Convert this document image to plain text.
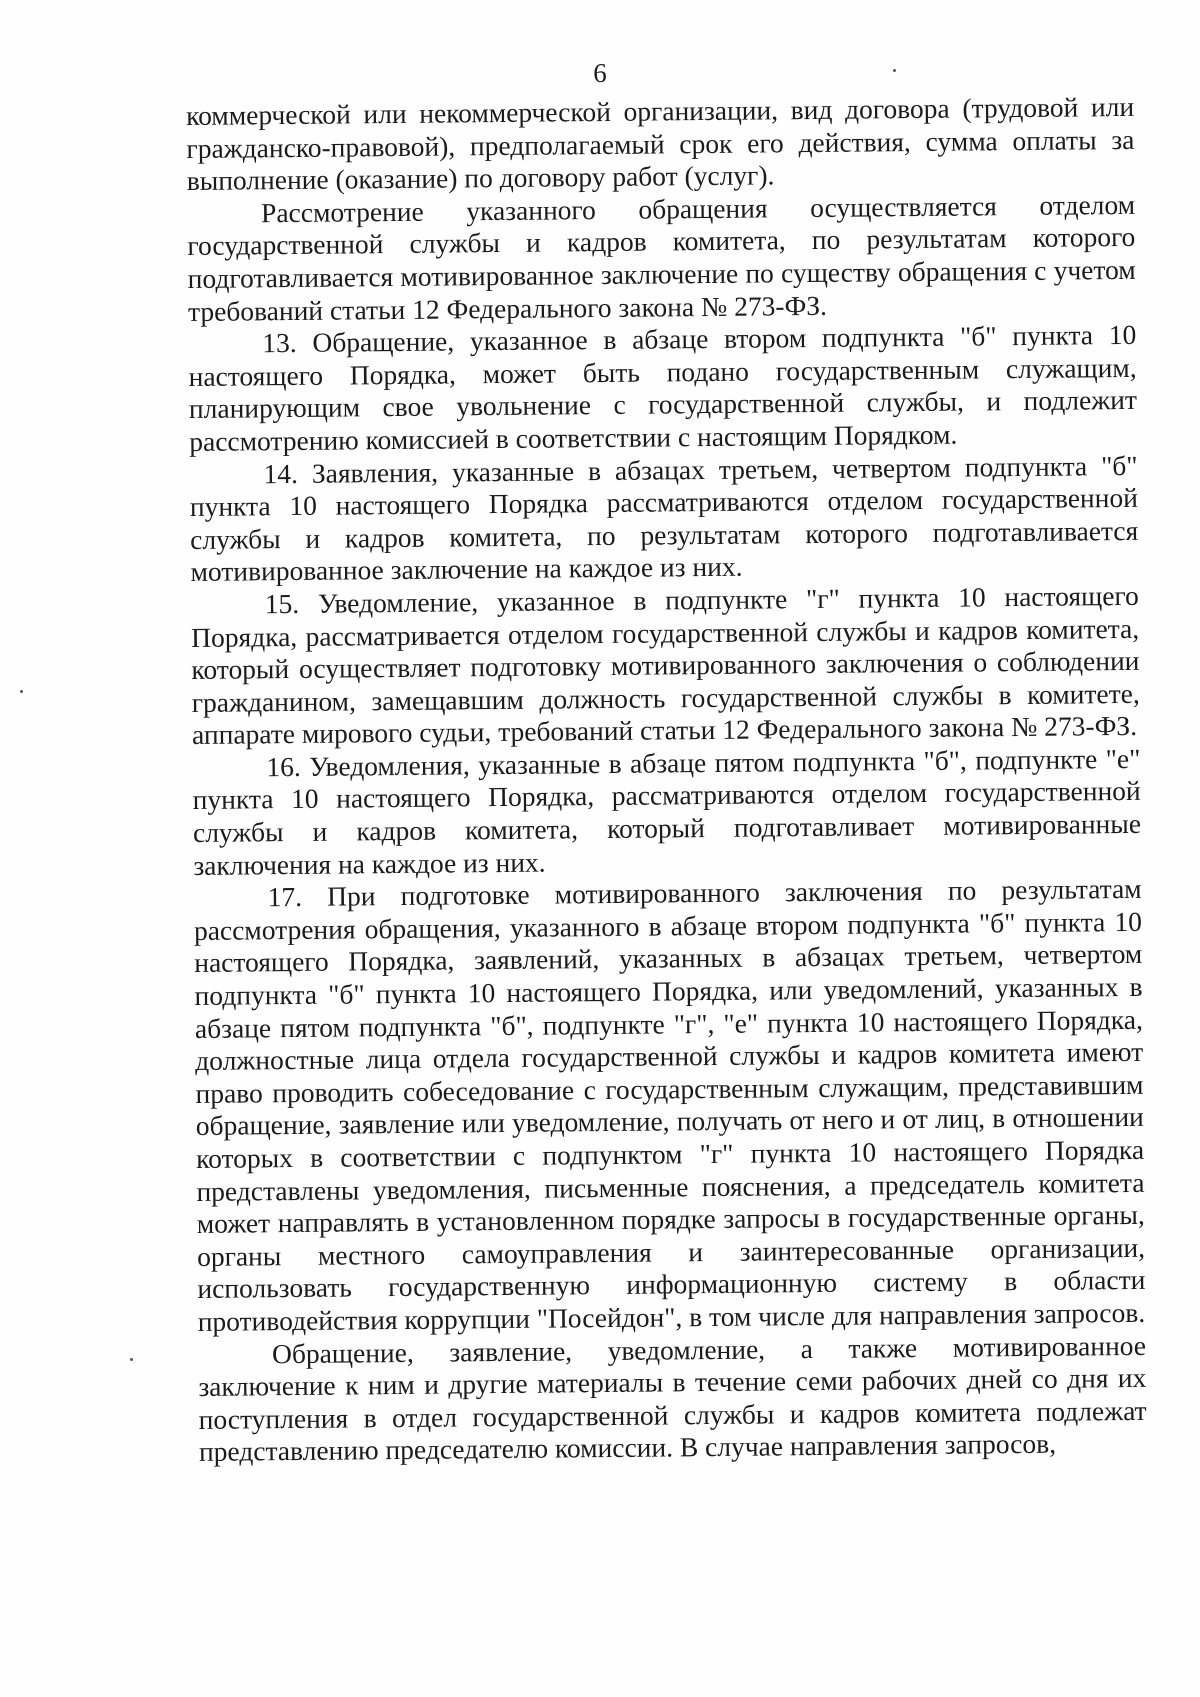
6

коммерческой или некоммерческой организации, вид договора (трудовой или гражданско-правовой), предполагаемый срок его действия, сумма оплаты за выполнение (оказание) по договору работ (услуг).

Рассмотрение указанного обращения осуществляется отделом государственной службы и кадров комитета, по результатам которого подготавливается мотивированное заключение по существу обращения с учетом требований статьи 12 Федерального закона № 273-ФЗ.

13. Обращение, указанное в абзаце втором подпункта "б" пункта 10 настоящего Порядка, может быть подано государственным служащим, планирующим свое увольнение с государственной службы, и подлежит рассмотрению комиссией в соответствии с настоящим Порядком.

14. Заявления, указанные в абзацах третьем, четвертом подпункта "б" пункта 10 настоящего Порядка рассматриваются отделом государственной службы и кадров комитета, по результатам которого подготавливается мотивированное заключение на каждое из них.

15. Уведомление, указанное в подпункте "г" пункта 10 настоящего Порядка, рассматривается отделом государственной службы и кадров комитета, который осуществляет подготовку мотивированного заключения о соблюдении гражданином, замещавшим должность государственной службы в комитете, аппарате мирового судьи, требований статьи 12 Федерального закона № 273-ФЗ.

16. Уведомления, указанные в абзаце пятом подпункта "б", подпункте "е" пункта 10 настоящего Порядка, рассматриваются отделом государственной службы и кадров комитета, который подготавливает мотивированные заключения на каждое из них.

17. При подготовке мотивированного заключения по результатам рассмотрения обращения, указанного в абзаце втором подпункта "б" пункта 10 настоящего Порядка, заявлений, указанных в абзацах третьем, четвертом подпункта "б" пункта 10 настоящего Порядка, или уведомлений, указанных в абзаце пятом подпункта "б", подпункте "г", "е" пункта 10 настоящего Порядка, должностные лица отдела государственной службы и кадров комитета имеют право проводить собеседование с государственным служащим, представившим обращение, заявление или уведомление, получать от него и от лиц, в отношении которых в соответствии с подпунктом "г" пункта 10 настоящего Порядка представлены уведомления, письменные пояснения, а председатель комитета может направлять в установленном порядке запросы в государственные органы, органы местного самоуправления и заинтересованные организации, использовать государственную информационную систему в области противодействия коррупции "Посейдон", в том числе для направления запросов.

Обращение, заявление, уведомление, а также мотивированное заключение к ним и другие материалы в течение семи рабочих дней со дня их поступления в отдел государственной службы и кадров комитета подлежат представлению председателю комиссии. В случае направления запросов,
